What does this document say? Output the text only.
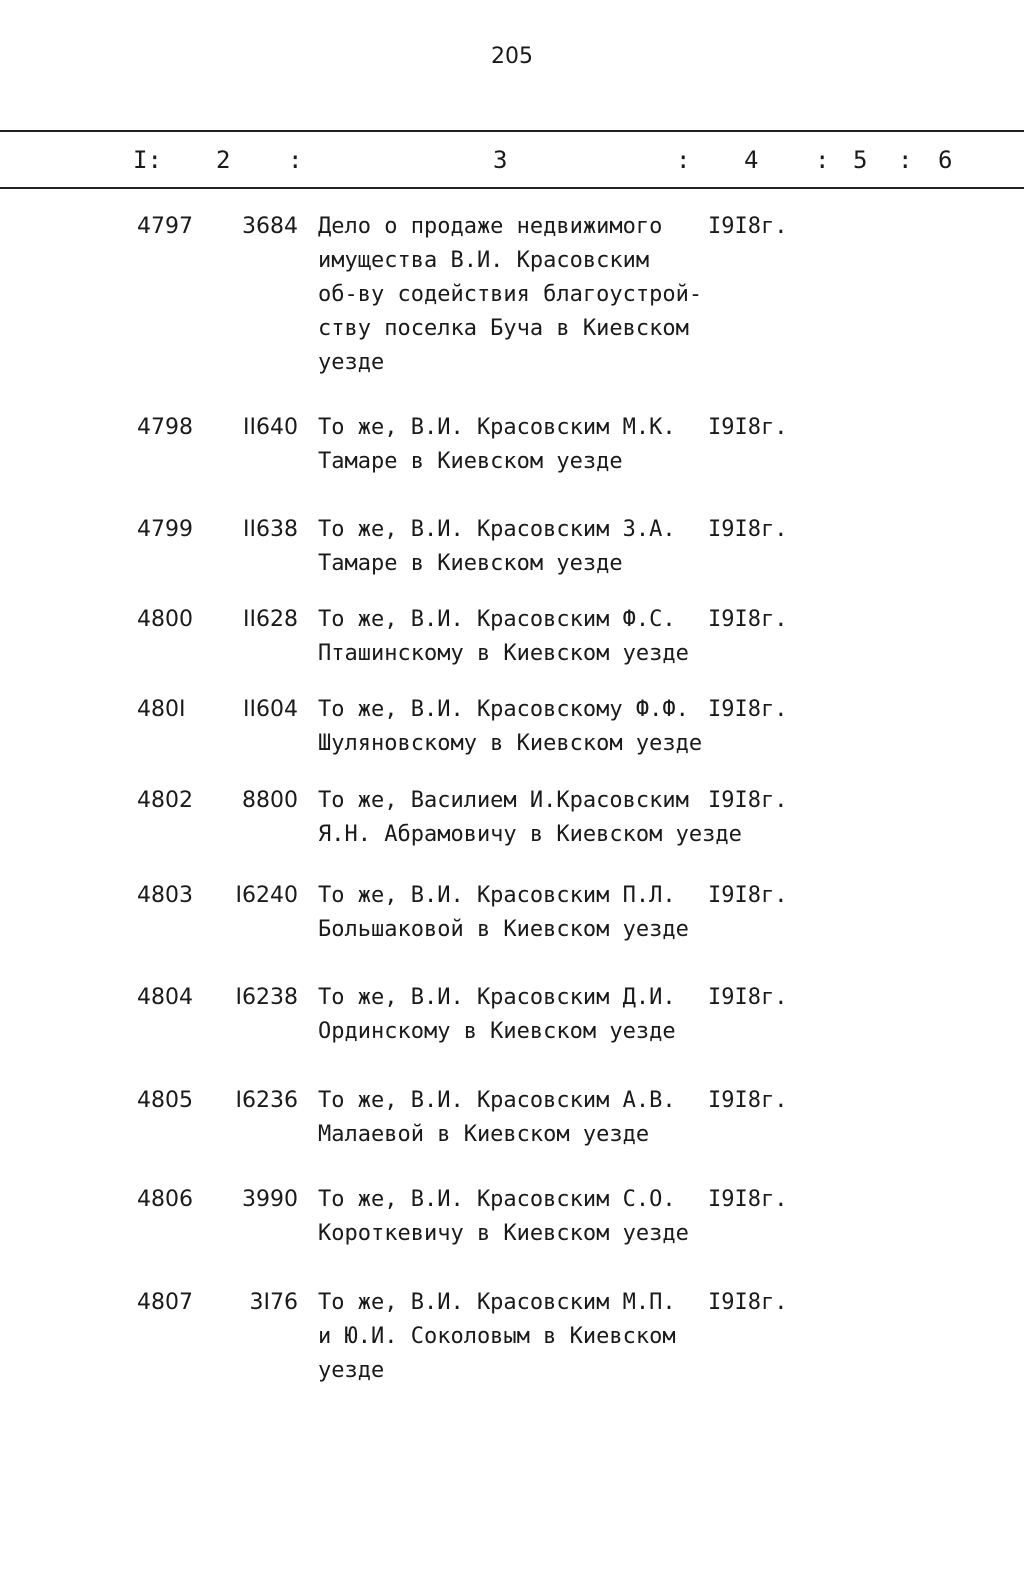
205
I: 2 :	3	: 4 : 5 : 6
4797	3684 Дело о продаже недвижимого
имущества В.И. Красовским
об-ву содействия благоустрой-
ству поселка Буча в Киевском
уезде
I9I8г.
4798	II640 То же, В.И. Красовским М.К.
Тамаре в Киевском уезде
I9I8г.
4799	II638 То же, В.И. Красовским З.А.
Тамаре в Киевском уезде
I9I8г.
4800	II628 То же, В.И. Красовским Ф.С.
Пташинскому в Киевском уезде
I9I8г.
480I	II604 То же, В.И. Красовскому Ф.Ф.
Шуляновскому в Киевском уезде
I9I8г.
4802	8800 То же, Василием И.Красовским
Я.Н. Абрамовичу в Киевском уезде
I9I8г.
4803	I6240 То же, В.И. Красовским П.Л.
Большаковой в Киевском уезде
I9I8г.
4804	I6238 То же, В.И. Красовским Д.И.
Ординскому в Киевском уезде
I9I8г.
4805	I6236 То же, В.И. Красовским А.В.
Малаевой в Киевском уезде
I9I8г.
4806	3990 То же, В.И. Красовским С.О.
Короткевичу в Киевском уезде
I9I8г.
4807	3I76 То же, В.И. Красовским М.П.
и Ю.И. Соколовым в Киевском
уезде
I9I8г.
